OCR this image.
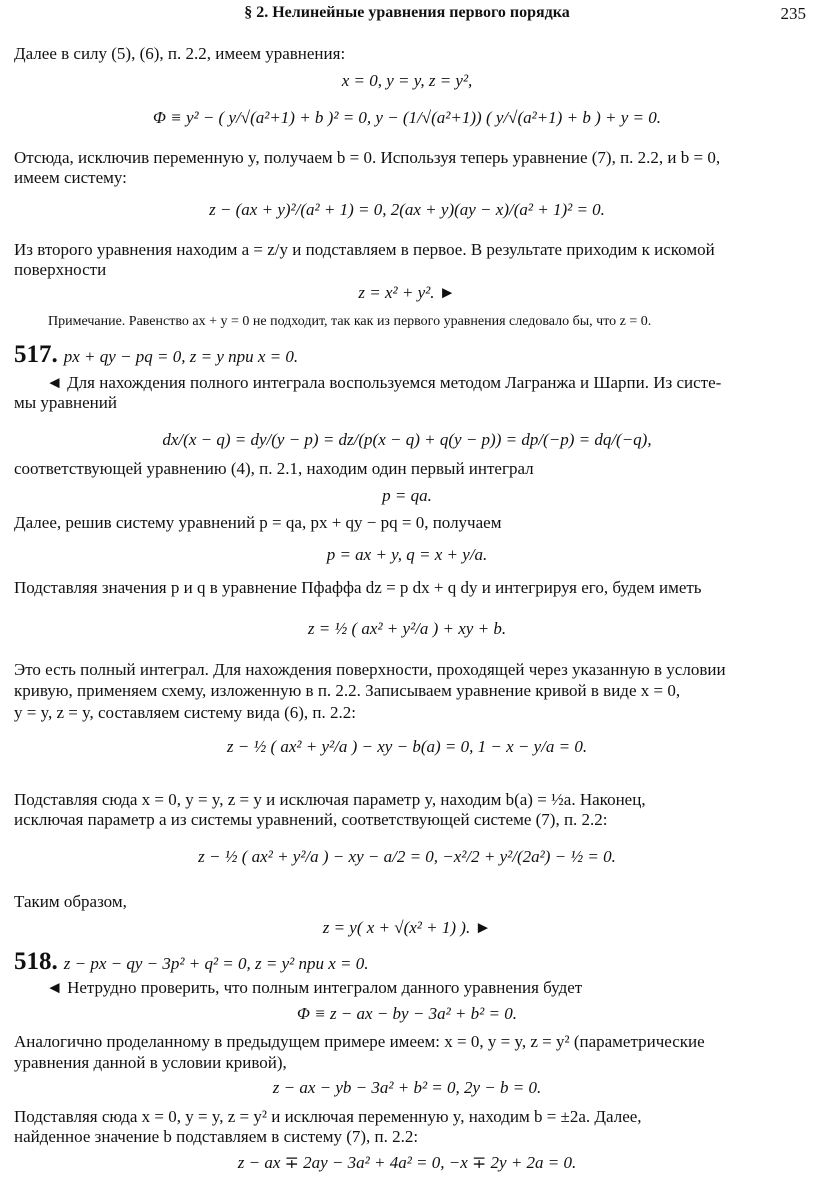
§ 2. Нелинейные уравнения первого порядка	235
Далее в силу (5), (6), п. 2.2, имеем уравнения:
x = 0, y = y, z = y²,
Φ ≡ y² − ( y/√(a²+1) + b )² = 0, y − (1/√(a²+1)) ( y/√(a²+1) + b ) + y = 0.
Отсюда, исключив переменную y, получаем b = 0. Используя теперь уравнение (7), п. 2.2, и b = 0,
имеем систему:
z − (ax + y)²/(a² + 1) = 0, 2(ax + y)(ay − x)/(a² + 1)² = 0.
Из второго уравнения находим a = z/y и подставляем в первое. В результате приходим к искомой
поверхности
z = x² + y². ►
Примечание. Равенство ax + y = 0 не подходит, так как из первого уравнения следовало бы, что z = 0.
517. px + qy − pq = 0, z = y при x = 0.
◄ Для нахождения полного интеграла воспользуемся методом Лагранжа и Шарпи. Из систе-
мы уравнений
dx/(x − q) = dy/(y − p) = dz/(p(x − q) + q(y − p)) = dp/(−p) = dq/(−q),
соответствующей уравнению (4), п. 2.1, находим один первый интеграл
p = qa.
Далее, решив систему уравнений p = qa, px + qy − pq = 0, получаем
p = ax + y, q = x + y/a.
Подставляя значения p и q в уравнение Пфаффа dz = p dx + q dy и интегрируя его, будем иметь
z = ½ ( ax² + y²/a ) + xy + b.
Это есть полный интеграл. Для нахождения поверхности, проходящей через указанную в условии
кривую, применяем схему, изложенную в п. 2.2. Записываем уравнение кривой в виде x = 0,
y = y, z = y, составляем систему вида (6), п. 2.2:
z − ½ ( ax² + y²/a ) − xy − b(a) = 0, 1 − x − y/a = 0.
Подставляя сюда x = 0, y = y, z = y и исключая параметр y, находим b(a) = ½a. Наконец,
исключая параметр a из системы уравнений, соответствующей системе (7), п. 2.2:
z − ½ ( ax² + y²/a ) − xy − a/2 = 0, −x²/2 + y²/(2a²) − ½ = 0.
Таким образом,
z = y( x + √(x² + 1) ). ►
518. z − px − qy − 3p² + q² = 0, z = y² при x = 0.
◄ Нетрудно проверить, что полным интегралом данного уравнения будет
Φ ≡ z − ax − by − 3a² + b² = 0.
Аналогично проделанному в предыдущем примере имеем: x = 0, y = y, z = y² (параметрические
уравнения данной в условии кривой),
z − ax − yb − 3a² + b² = 0, 2y − b = 0.
Подставляя сюда x = 0, y = y, z = y² и исключая переменную y, находим b = ±2a. Далее,
найденное значение b подставляем в систему (7), п. 2.2:
z − ax ∓ 2ay − 3a² + 4a² = 0, −x ∓ 2y + 2a = 0.
